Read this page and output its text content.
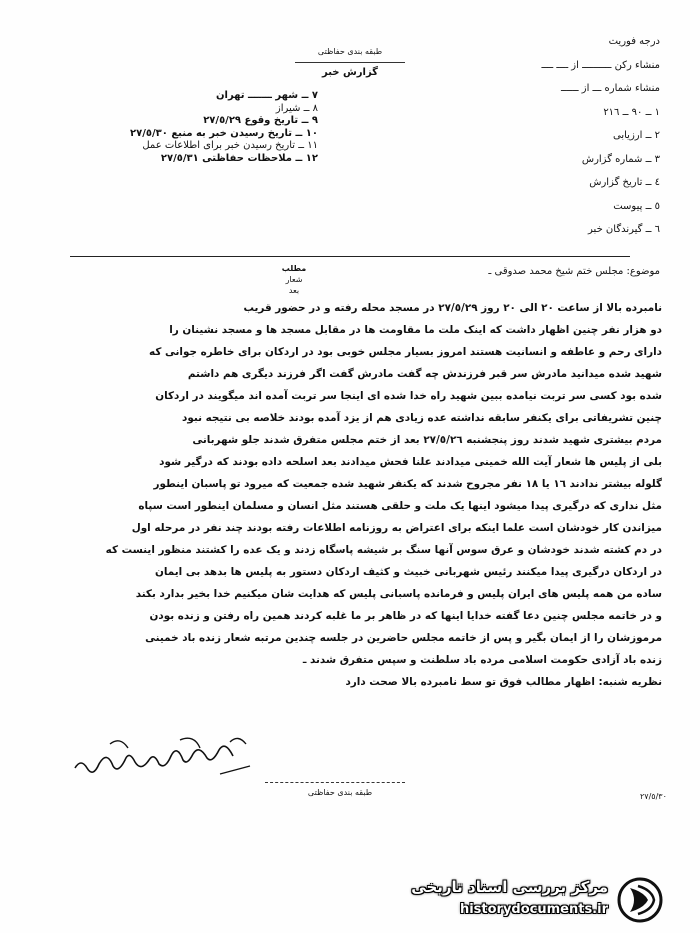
درجه فوریت
منشاء رکن ــــــــــ از ــــ ــــ
منشاء شماره ـــ از ــــــ
١ ــ ٩٠ ــ ٢١٦
٢ ــ ارزیابی
٣ ــ شماره گزارش
٤ ــ تاریخ گزارش
٥ ــ پیوست
٦ ــ گیرندگان خبر
طبقه بندی حفاظتی
گزارش خبر
٧ ــ شهر ـــــــ تهران
٨ ــ شیراز
٩ ــ تاریخ وقوع ٢٧/٥/٢٩
١٠ ــ تاریخ رسیدن خبر به منبع ٢٧/٥/٣٠
١١ ــ تاریخ رسیدن خبر برای اطلاعات عمل
١٢ ــ ملاحظات حفاظتی ٢٧/٥/٣١
موضوع: مجلس ختم شیخ محمد صدوقی ـ
مطلب
شعار
بعد

نامبرده بالا از ساعت ٢٠ الی ٢٠ روز ٢٧/٥/٢٩ در مسجد محله رفته و در حضور قریب

دو هزار نفر چنین اظهار داشت که اینک ملت ما مقاومت ها در مقابل مسجد ها و مسجد نشینان را

دارای رحم و عاطفه و انسانیت هستند امروز بسیار مجلس خوبی بود در اردکان برای خاطره جوانی که

شهید شده میدانید مادرش سر قبر فرزندش چه گفت مادرش گفت اگر فرزند دیگری هم داشتم

شده بود کسی سر تربت نیامده ببین شهید راه خدا شده ای اینجا سر تربت آمده اند میگویند در اردکان

چنین تشریفاتی برای یکنفر سابقه نداشته عده زیادی هم از یزد آمده بودند خلاصه بی نتیجه نبود

مردم بیشتری شهید شدند روز پنجشنبه ٢٧/٥/٢٦ بعد از ختم مجلس متفرق شدند جلو شهربانی

بلی از پلیس ها شعار آیت الله خمینی میدادند علنا فحش میدادند بعد اسلحه داده بودند که درگیر شود

گلوله بیشتر ندادند ١٦ یا ١٨ نفر مجروح شدند که یکنفر شهید شده جمعیت که میرود تو پاسبان اینطور

مثل نداری که درگیری پیدا میشود اینها یک ملت و حلقی هستند مثل انسان و مسلمان اینطور است سپاه

میزاندن کار خودشان است علما اینکه برای اعتراض به روزنامه اطلاعات رفته بودند چند نفر در مرحله اول

در دم کشته شدند خودشان و عرق سوس آنها سنگ بر شیشه پاسگاه زدند و یک عده را کشتند منظور اینست که

در اردکان درگیری پیدا میکنند رئیس شهربانی خبیث و کثیف اردکان دستور به پلیس ها بدهد بی ایمان

ساده من همه پلیس های ایران پلیس و فرمانده پاسبانی پلیس که هدایت شان میکنیم خدا بخیر بدارد بکند

و در خاتمه مجلس چنین دعا گفته خدایا اینها که در ظاهر بر ما غلبه کردند همین راه رفتن و زنده بودن

مرموزشان را از ایمان بگیر و پس از خاتمه مجلس حاضرین در جلسه چندین مرتبه شعار زنده باد خمینی

زنده باد آزادی حکومت اسلامی مرده باد سلطنت و سپس متفرق شدند ـ

نظریه شنبه: اظهار مطالب فوق تو سط نامبرده بالا صحت دارد

طبقه بندی حفاظتی	٢٧/٥/٣٠
مرکز بررسی اسناد تاریخی
historydocuments.ir
